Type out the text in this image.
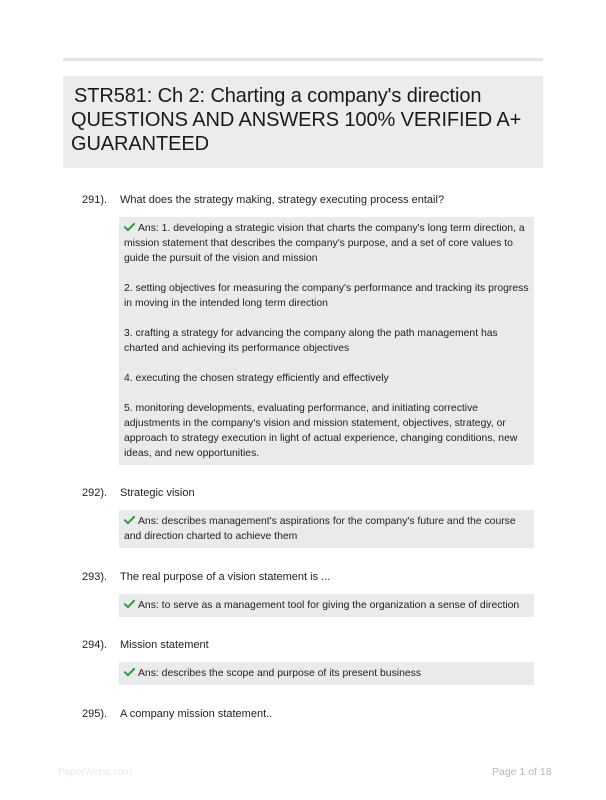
STR581: Ch 2: Charting a company's direction
QUESTIONS AND ANSWERS 100% VERIFIED A+
GUARANTEED
291). What does the strategy making, strategy executing process entail?

Ans: 1. developing a strategic vision that charts the company's long term direction, a mission statement that describes the company's purpose, and a set of core values to guide the pursuit of the vision and mission

2. setting objectives for measuring the company's performance and tracking its progress in moving in the intended long term direction

3. crafting a strategy for advancing the company along the path management has charted and achieving its performance objectives

4. executing the chosen strategy efficiently and effectively

5. monitoring developments, evaluating performance, and initiating corrective adjustments in the company's vision and mission statement, objectives, strategy, or approach to strategy execution in light of actual experience, changing conditions, new ideas, and new opportunities.

292). Strategic vision

Ans: describes management's aspirations for the company's future and the course and direction charted to achieve them

293). The real purpose of a vision statement is ...

Ans: to serve as a management tool for giving the organization a sense of direction

294). Mission statement

Ans: describes the scope and purpose of its present business

295). A company mission statement..
PaperWebs.com	Page 1 of 18
